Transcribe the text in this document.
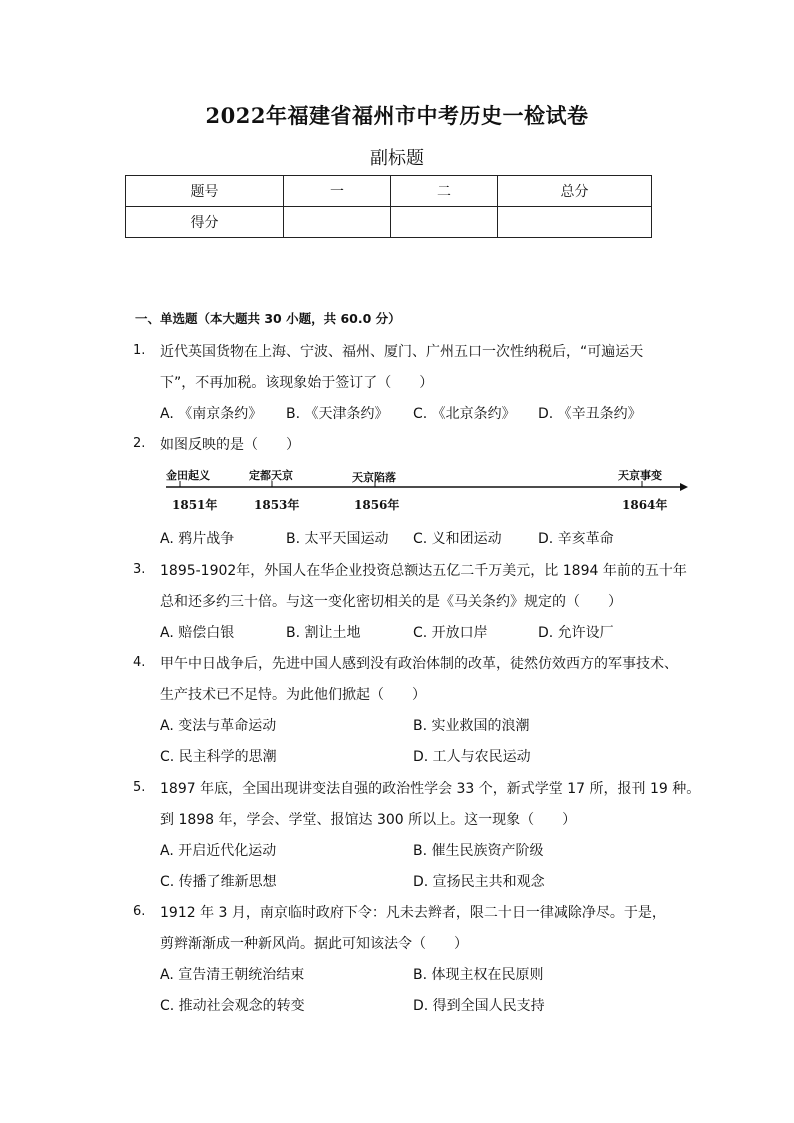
2022年福建省福州市中考历史一检试卷
副标题
题号	一	二	总分
得分			
一、单选题（本大题共 30 小题，共 60.0 分）
1. 近代英国货物在上海、宁波、福州、厦门、广州五口一次性纳税后，“可遍运天
下”，不再加税。该现象始于签订了（　　）
A. 《南京条约》 B. 《天津条约》 C. 《北京条约》 D. 《辛丑条约》
2. 如图反映的是（　　）
金田起义	定都天京	天京陷落	天京事变
1851年	1853年	1856年	1864年
A. 鸦片战争	B. 太平天国运动 C. 义和团运动	D. 辛亥革命
3. 1895-1902年，外国人在华企业投资总额达五亿二千万美元，比 1894 年前的五十年
总和还多约三十倍。与这一变化密切相关的是《马关条约》规定的（　　）
A. 赔偿白银	B. 割让土地	C. 开放口岸	D. 允许设厂
4. 甲午中日战争后，先进中国人感到没有政治体制的改革，徒然仿效西方的军事技术、
生产技术已不足恃。为此他们掀起（　　）
A. 变法与革命运动	B. 实业救国的浪潮
C. 民主科学的思潮	D. 工人与农民运动
5. 1897 年底，全国出现讲变法自强的政治性学会 33 个，新式学堂 17 所，报刊 19 种。
到 1898 年，学会、学堂、报馆达 300 所以上。这一现象（　　）
A. 开启近代化运动	B. 催生民族资产阶级
C. 传播了维新思想	D. 宣扬民主共和观念
6. 1912 年 3 月，南京临时政府下令：凡未去辫者，限二十日一律减除净尽。于是，
剪辫渐渐成一种新风尚。据此可知该法令（　　）
A. 宣告清王朝统治结束	B. 体现主权在民原则
C. 推动社会观念的转变	D. 得到全国人民支持
